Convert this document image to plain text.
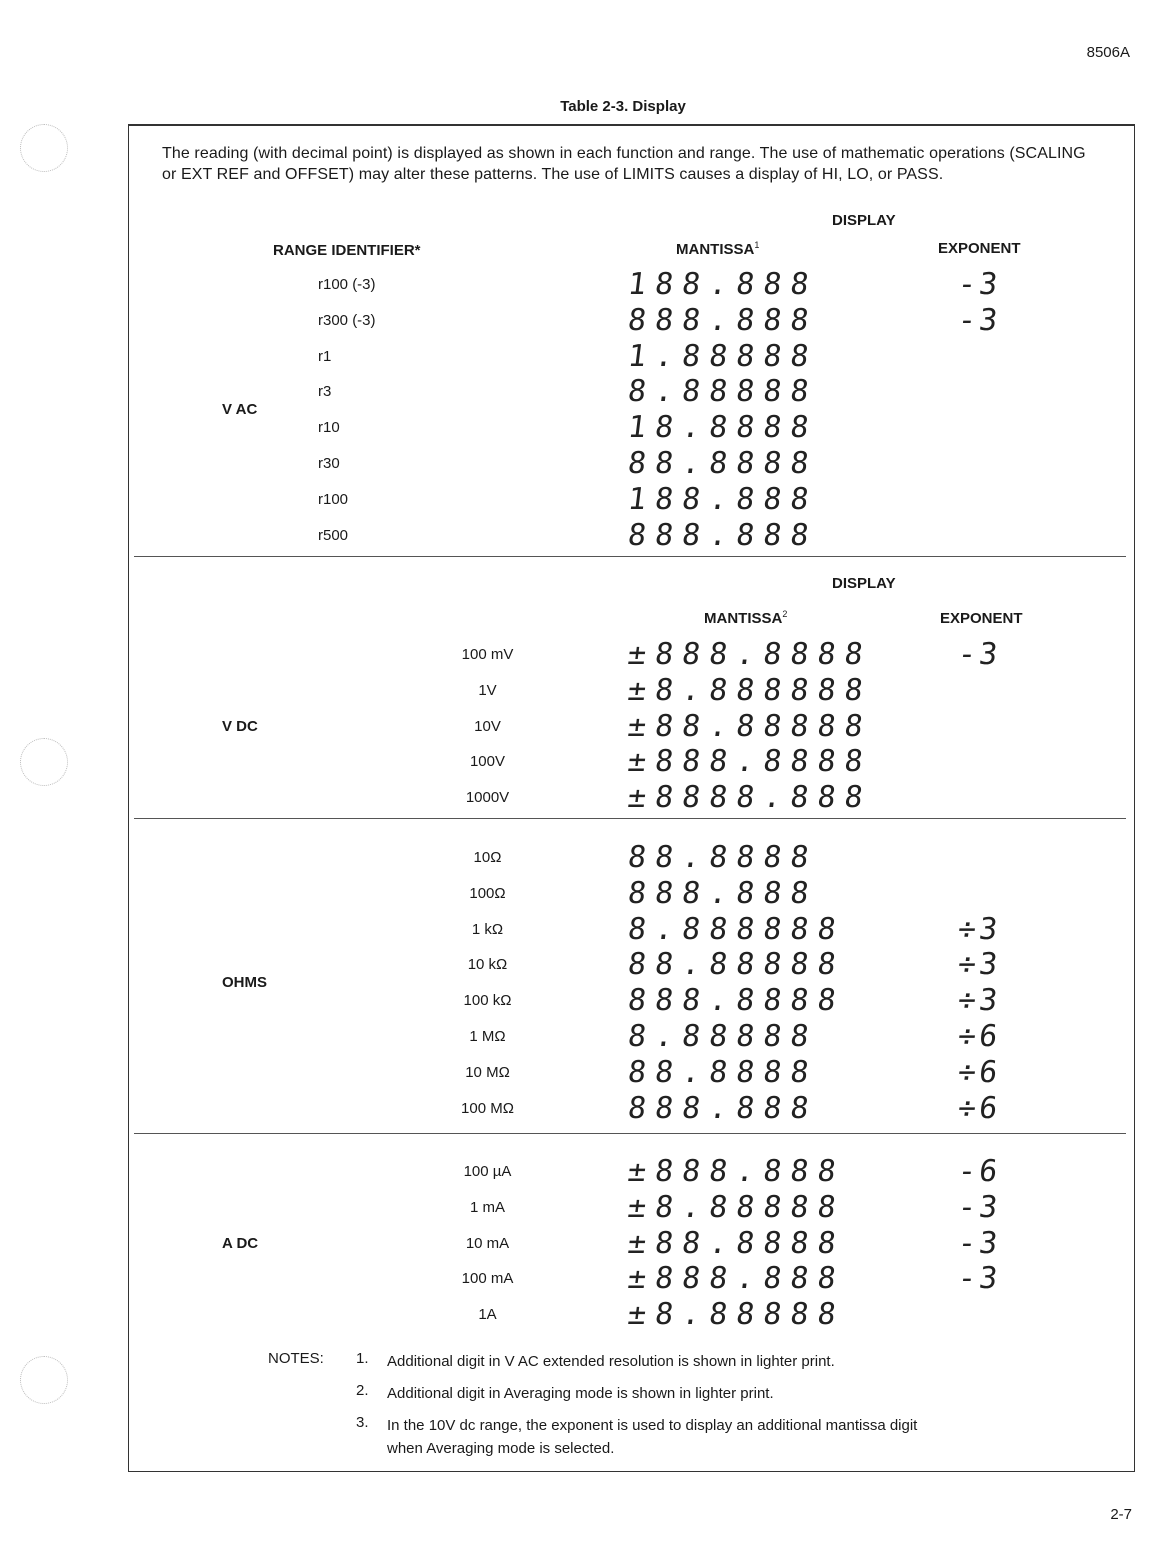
8506A
Table 2-3. Display
The reading (with decimal point) is displayed as shown in each function and range. The use of mathematic operations (SCALING or EXT REF and OFFSET) may alter these patterns. The use of LIMITS causes a display of HI, LO, or PASS.
DISPLAY
RANGE IDENTIFIER*	MANTISSA$^1$	EXPONENT
DISPLAY
MANTISSA$^2$	EXPONENT
V AC
r100 (-3)	188.888	-3
r300 (-3)	888.888	-3
r1	1.88888
r3	8.88888
r10	18.8888
r30	88.8888
r100	188.888
r500	888.888
V DC
100 mV	±888.8888	-3
1V	±8.888888
10V	±88.88888
100V	±888.8888
1000V	±8888.888
OHMS
10Ω	88.8888
100Ω	888.888
1 kΩ	8.888888	÷3
10 kΩ	88.88888	÷3
100 kΩ	888.8888	÷3
1 MΩ	8.88888	÷6
10 MΩ	88.8888	÷6
100 MΩ	888.888	÷6
A DC
100 µA	±888.888	-6
1 mA	±8.88888	-3
10 mA	±88.8888	-3
100 mA	±888.888	-3
1A	±8.88888
NOTES: 1. Additional digit in V AC extended resolution is shown in lighter print.
2. Additional digit in Averaging mode is shown in lighter print.
3. In the 10V dc range, the exponent is used to display an additional mantissa digit when Averaging mode is selected.
2-7
